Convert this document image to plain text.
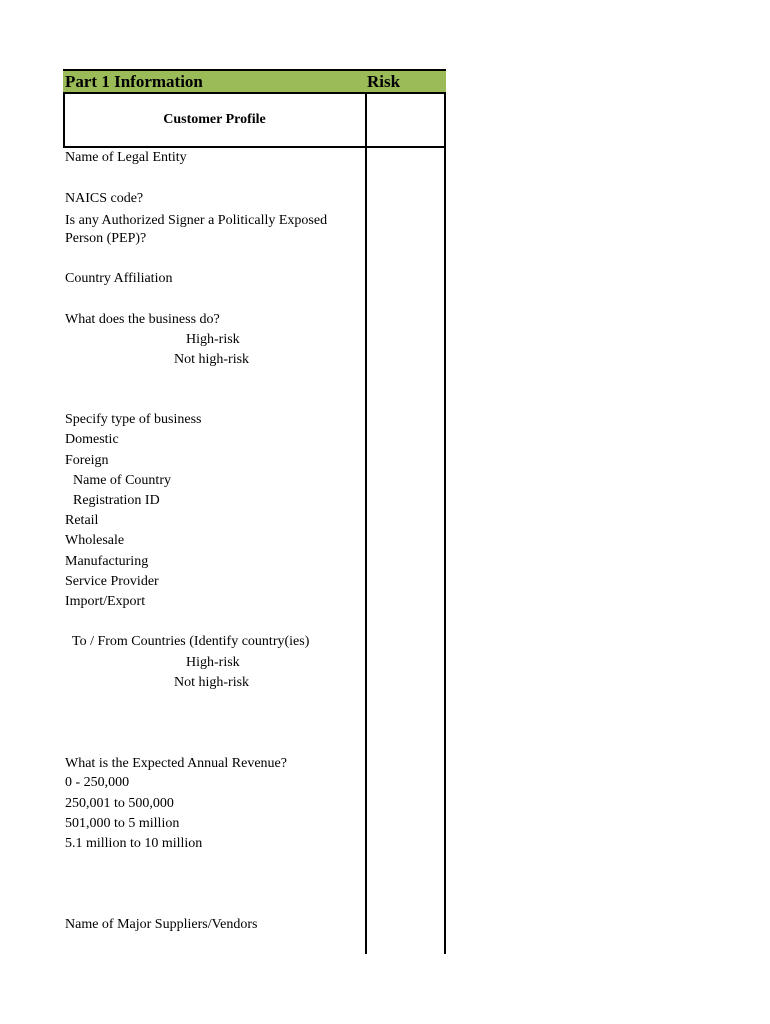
Part 1 Information	Risk
Customer Profile
Name of Legal Entity
NAICS code?
Is any Authorized Signer a Politically Exposed Person (PEP)?
Country Affiliation
What does the business do?
High-risk
Not high-risk
Specify type of business
Domestic
Foreign
Name of Country
Registration ID
Retail
Wholesale
Manufacturing
Service Provider
Import/Export
To / From Countries (Identify country(ies)
High-risk
Not high-risk
What is the Expected Annual Revenue?
0 - 250,000
250,001 to 500,000
501,000 to 5 million
5.1 million to 10 million
Name of Major Suppliers/Vendors
